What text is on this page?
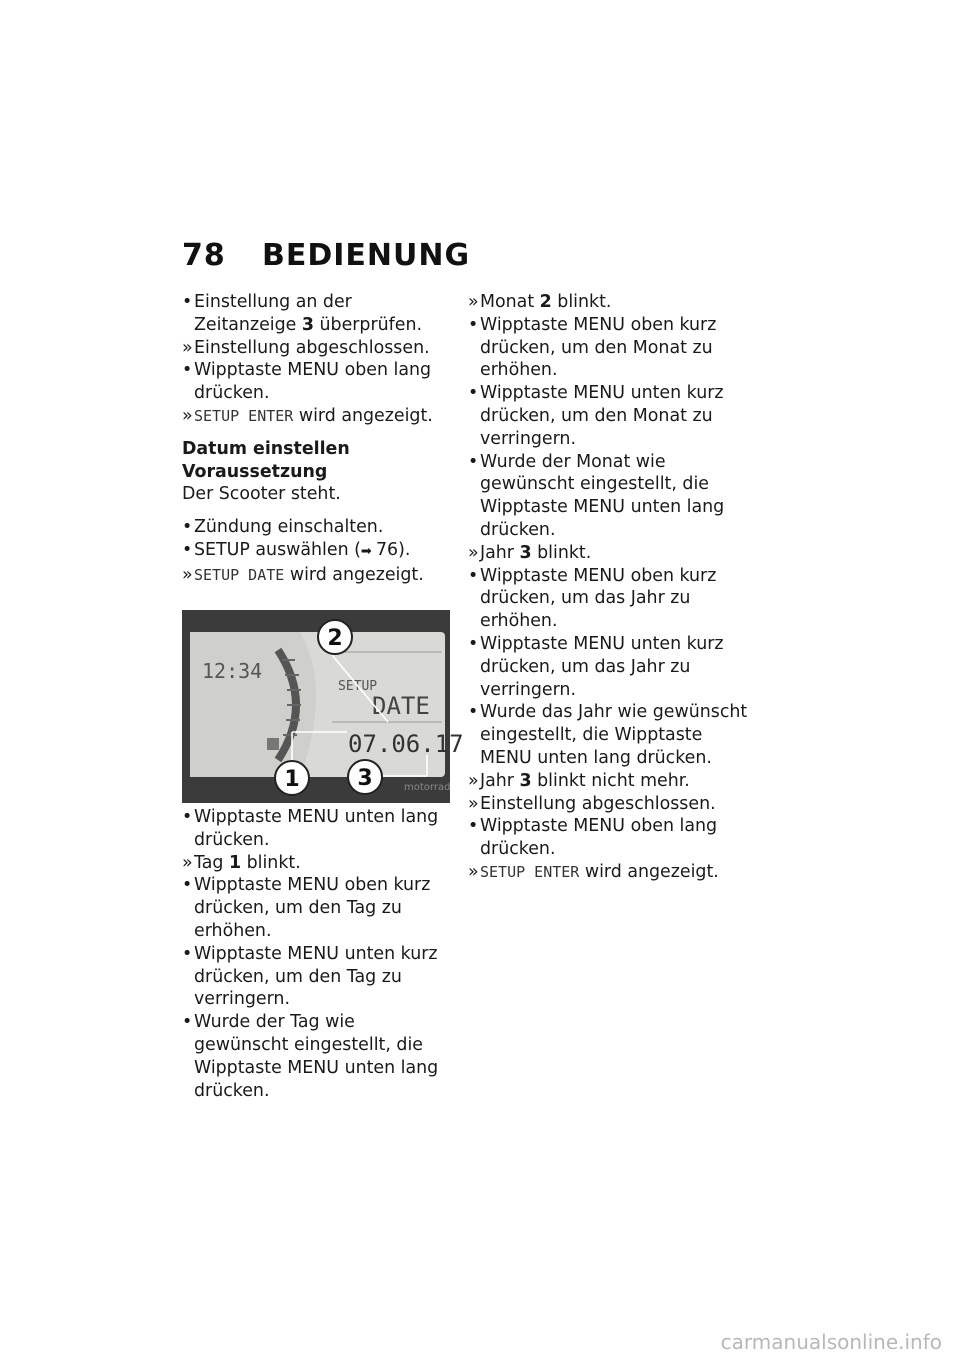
78 BEDIENUNG
• Einstellung an der Zeitanzeige 3 überprüfen.
» Einstellung abgeschlossen.
• Wipptaste MENU oben lang drücken.
» SETUP ENTER wird angezeigt.
Datum einstellen
Voraussetzung
Der Scooter steht.
• Zündung einschalten.
• SETUP auswählen (➡ 76).
» SETUP DATE wird angezeigt.
12:34
SETUP
DATE
07.06.17
motorrad
2
1	3
• Wipptaste MENU unten lang drücken.
» Tag 1 blinkt.
• Wipptaste MENU oben kurz drücken, um den Tag zu erhöhen.
• Wipptaste MENU unten kurz drücken, um den Tag zu verringern.
• Wurde der Tag wie gewünscht eingestellt, die Wipptaste MENU unten lang drücken.
» Monat 2 blinkt.
• Wipptaste MENU oben kurz drücken, um den Monat zu erhöhen.
• Wipptaste MENU unten kurz drücken, um den Monat zu verringern.
• Wurde der Monat wie gewünscht eingestellt, die Wipptaste MENU unten lang drücken.
» Jahr 3 blinkt.
• Wipptaste MENU oben kurz drücken, um das Jahr zu erhöhen.
• Wipptaste MENU unten kurz drücken, um das Jahr zu verringern.
• Wurde das Jahr wie gewünscht eingestellt, die Wipptaste MENU unten lang drücken.
» Jahr 3 blinkt nicht mehr.
» Einstellung abgeschlossen.
• Wipptaste MENU oben lang drücken.
» SETUP ENTER wird angezeigt.
carmanualsonline.info
